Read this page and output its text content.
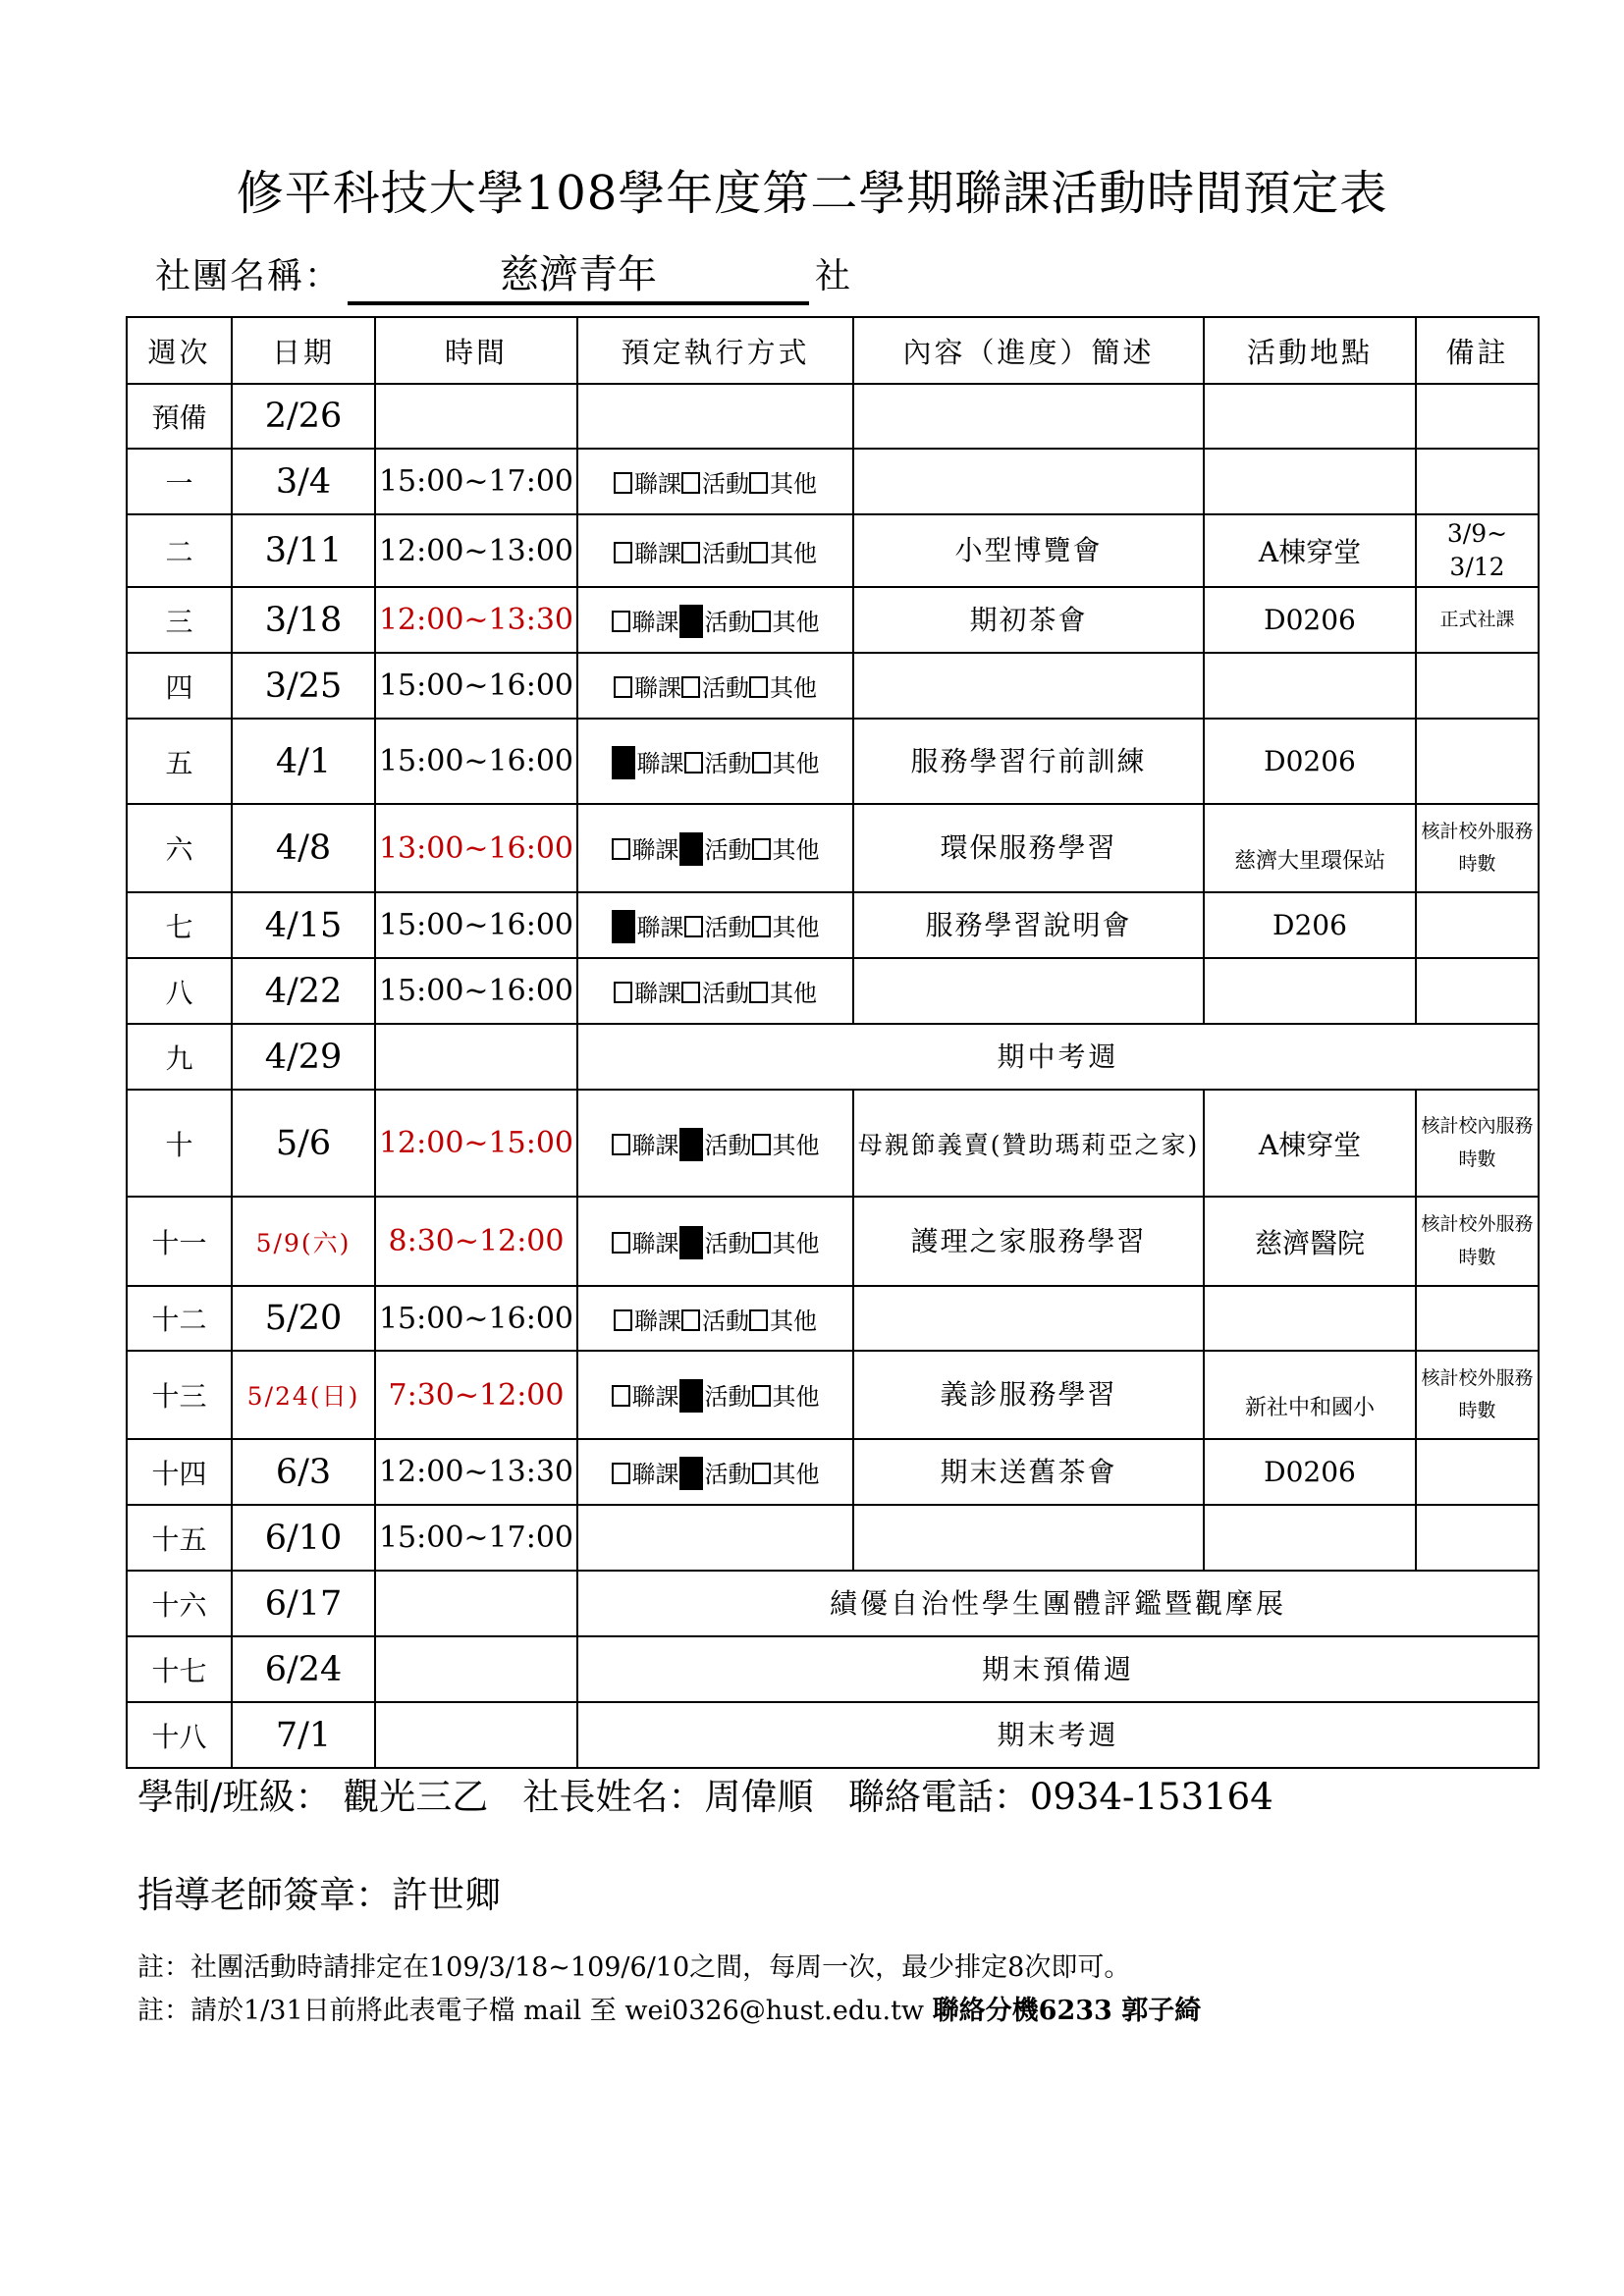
修平科技大學108學年度第二學期聯課活動時間預定表
社團名稱：	慈濟青年	社
週次	日期	時間	預定執行方式	內容（進度）簡述	活動地點	備註
預備	2/26					
一	3/4	15:00~17:00	聯課 活動 其他			
二	3/11	12:00~13:00	聯課 活動 其他	小型博覽會	A棟穿堂	3/9~
3/12
三	3/18	12:00~13:30	聯課 活動 其他	期初茶會	D0206	正式社課
四	3/25	15:00~16:00	聯課 活動 其他			
五	4/1	15:00~16:00	聯課 活動 其他	服務學習行前訓練	D0206	
六	4/8	13:00~16:00	聯課 活動 其他	環保服務學習	慈濟大里環保站	核計校外服務時數
七	4/15	15:00~16:00	聯課 活動 其他	服務學習說明會	D206	
八	4/22	15:00~16:00	聯課 活動 其他			
九	4/29		期中考週			
十	5/6	12:00~15:00	聯課 活動 其他	母親節義賣(贊助瑪莉亞之家)	A棟穿堂	核計校內服務時數
十一	5/9(六)	8:30~12:00	聯課 活動 其他	護理之家服務學習	慈濟醫院	核計校外服務時數
十二	5/20	15:00~16:00	聯課 活動 其他			
十三	5/24(日)	7:30~12:00	聯課 活動 其他	義診服務學習	新社中和國小	核計校外服務時數
十四	6/3	12:00~13:30	聯課 活動 其他	期末送舊茶會	D0206	
十五	6/10	15:00~17:00				
十六	6/17		績優自治性學生團體評鑑暨觀摩展			
十七	6/24		期末預備週			
十八	7/1		期末考週			
學制/班級： 觀光三乙 社長姓名：周偉順 聯絡電話：0934-153164
指導老師簽章：許世卿
註：社團活動時請排定在109/3/18~109/6/10之間，每周一次，最少排定8次即可。
註：請於1/31日前將此表電子檔 mail 至 wei0326@hust.edu.tw 聯絡分機6233 郭子綺
